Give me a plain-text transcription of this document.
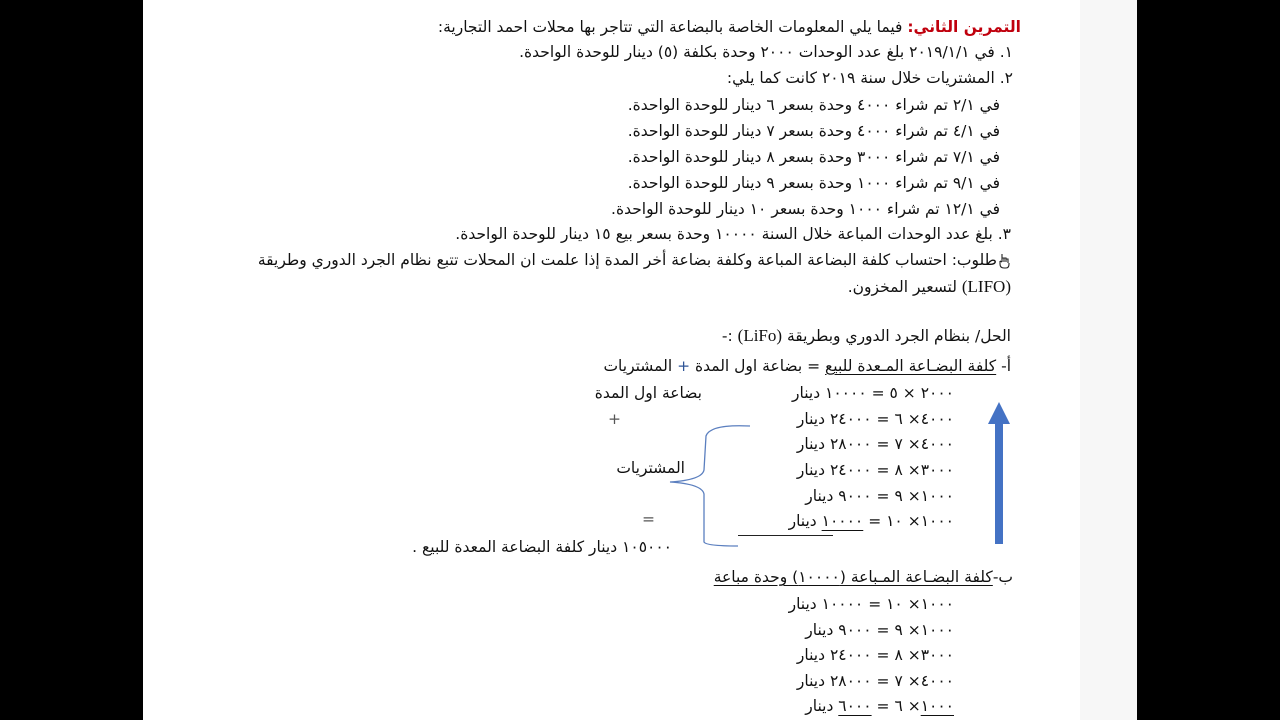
التمرين الثاني: فيما يلي المعلومات الخاصة بالبضاعة التي تتاجر بها محلات احمد التجارية:
١. في ٢٠١٩/١/١ بلغ عدد الوحدات ٢٠٠٠ وحدة بكلفة (٥) دينار للوحدة الواحدة.
٢. المشتريات خلال سنة ٢٠١٩ كانت كما يلي:
في ٢/١ تم شراء ٤٠٠٠ وحدة بسعر ٦ دينار للوحدة الواحدة.
في ٤/١ تم شراء ٤٠٠٠ وحدة بسعر ٧ دينار للوحدة الواحدة.
في ٧/١ تم شراء ٣٠٠٠ وحدة بسعر ٨ دينار للوحدة الواحدة.
في ٩/١ تم شراء ١٠٠٠ وحدة بسعر ٩ دينار للوحدة الواحدة.
في ١٢/١ تم شراء ١٠٠٠ وحدة بسعر ١٠ دينار للوحدة الواحدة.
٣. بلغ عدد الوحدات المباعة خلال السنة ١٠٠٠٠ وحدة بسعر بيع ١٥ دينار للوحدة الواحدة.
طلوب: احتساب كلفة البضاعة المباعة وكلفة بضاعة أخر المدة إذا علمت ان المحلات تتبع نظام الجرد الدوري وطريقة
(LIFO) لتسعير المخزون.
الحل/ بنظام الجرد الدوري وبطريقة (LiFo) :-
أ- كلفة البضـاعة المـعدة للبيع = بضاعة اول المدة + المشتريات
٢٠٠٠ × ٥ = ١٠٠٠٠ دينار
٤٠٠٠× ٦ = ٢٤٠٠٠ دينار
٤٠٠٠× ٧ = ٢٨٠٠٠ دينار
٣٠٠٠× ٨ = ٢٤٠٠٠ دينار
١٠٠٠× ٩ = ٩٠٠٠ دينار
١٠٠٠× ١٠ = ١٠٠٠٠ دينار
بضاعة اول المدة
+
المشتريات
=
١٠٥٠٠٠ دينار كلفة البضاعة المعدة للبيع .
ب-كلفة البضـاعة المـباعة (١٠٠٠٠) وحدة مباعة
١٠٠٠× ١٠ = ١٠٠٠٠ دينار
١٠٠٠× ٩ = ٩٠٠٠ دينار
٣٠٠٠× ٨ = ٢٤٠٠٠ دينار
٤٠٠٠× ٧ = ٢٨٠٠٠ دينار
١٠٠٠× ٦ = ٦٠٠٠ دينار
